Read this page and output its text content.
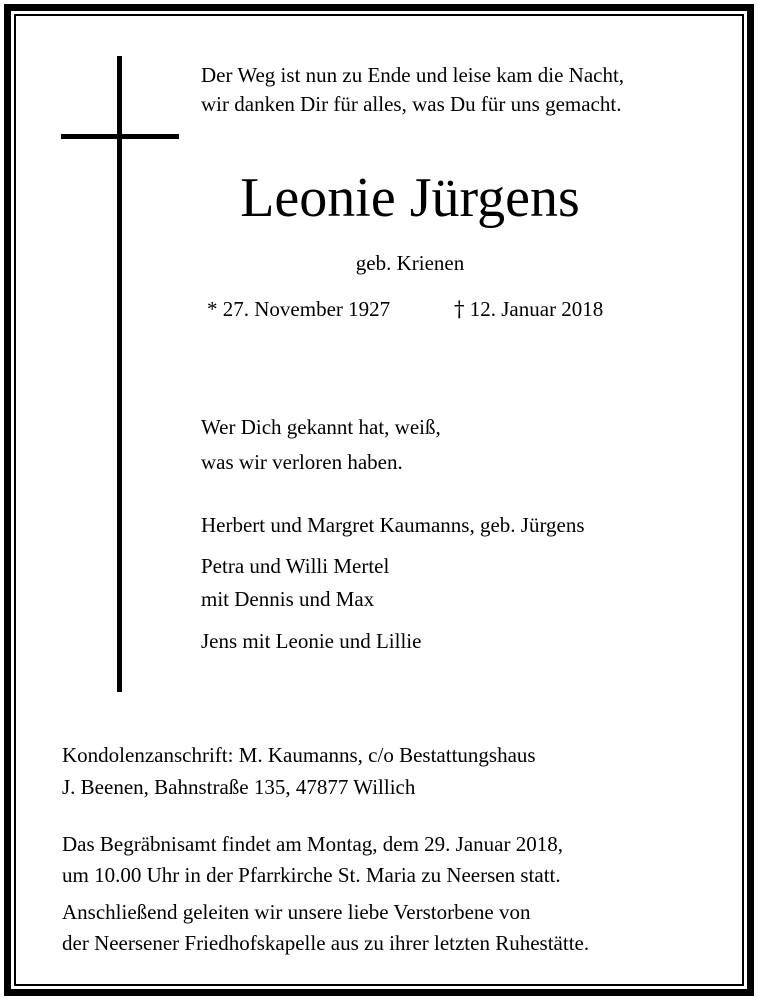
Der Weg ist nun zu Ende und leise kam die Nacht,
wir danken Dir für alles, was Du für uns gemacht.
Leonie Jürgens
geb. Krienen
* 27. November 1927	† 12. Januar 2018
Wer Dich gekannt hat, weiß,
was wir verloren haben.
Herbert und Margret Kaumanns, geb. Jürgens
Petra und Willi Mertel
mit Dennis und Max
Jens mit Leonie und Lillie
Kondolenzanschrift: M. Kaumanns, c/o Bestattungshaus
J. Beenen, Bahnstraße 135, 47877 Willich
Das Begräbnisamt findet am Montag, dem 29. Januar 2018,
um 10.00 Uhr in der Pfarrkirche St. Maria zu Neersen statt.
Anschließend geleiten wir unsere liebe Verstorbene von
der Neersener Friedhofskapelle aus zu ihrer letzten Ruhestätte.
